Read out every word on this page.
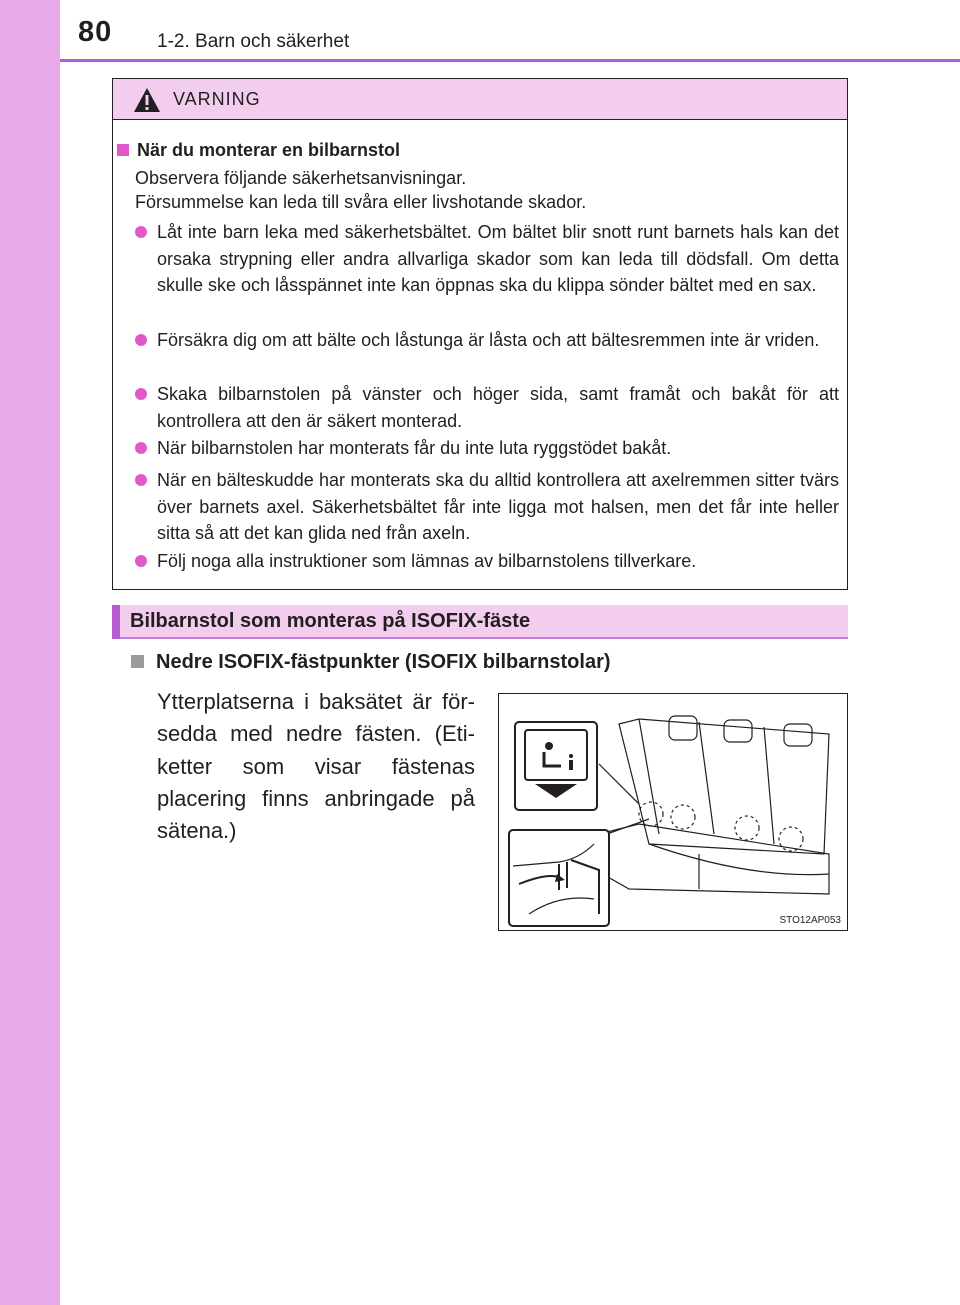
80 1-2. Barn och säkerhet
VARNING
När du monterar en bilbarnstol
Observera följande säkerhetsanvisningar.
Försummelse kan leda till svåra eller livshotande skador.
Låt inte barn leka med säkerhetsbältet. Om bältet blir snott runt barnets hals kan det orsaka strypning eller andra allvarliga skador som kan leda till dödsfall. Om detta skulle ske och låsspännet inte kan öppnas ska du klippa sönder bältet med en sax.
Försäkra dig om att bälte och låstunga är låsta och att bältesremmen inte är vriden.
Skaka bilbarnstolen på vänster och höger sida, samt framåt och bakåt för att kontrollera att den är säkert monterad.
När bilbarnstolen har monterats får du inte luta ryggstödet bakåt.
När en bälteskudde har monterats ska du alltid kontrollera att axelremmen sitter tvärs över barnets axel. Säkerhetsbältet får inte ligga mot halsen, men det får inte heller sitta så att det kan glida ned från axeln.
Följ noga alla instruktioner som lämnas av bilbarnstolens tillverkare.
Bilbarnstol som monteras på ISOFIX-fäste
Nedre ISOFIX-fästpunkter (ISOFIX bilbarnstolar)
Ytterplatserna i baksätet är för-sedda med nedre fästen. (Eti-ketter som visar fästenas placering finns anbringade på sätena.)
STO12AP053
